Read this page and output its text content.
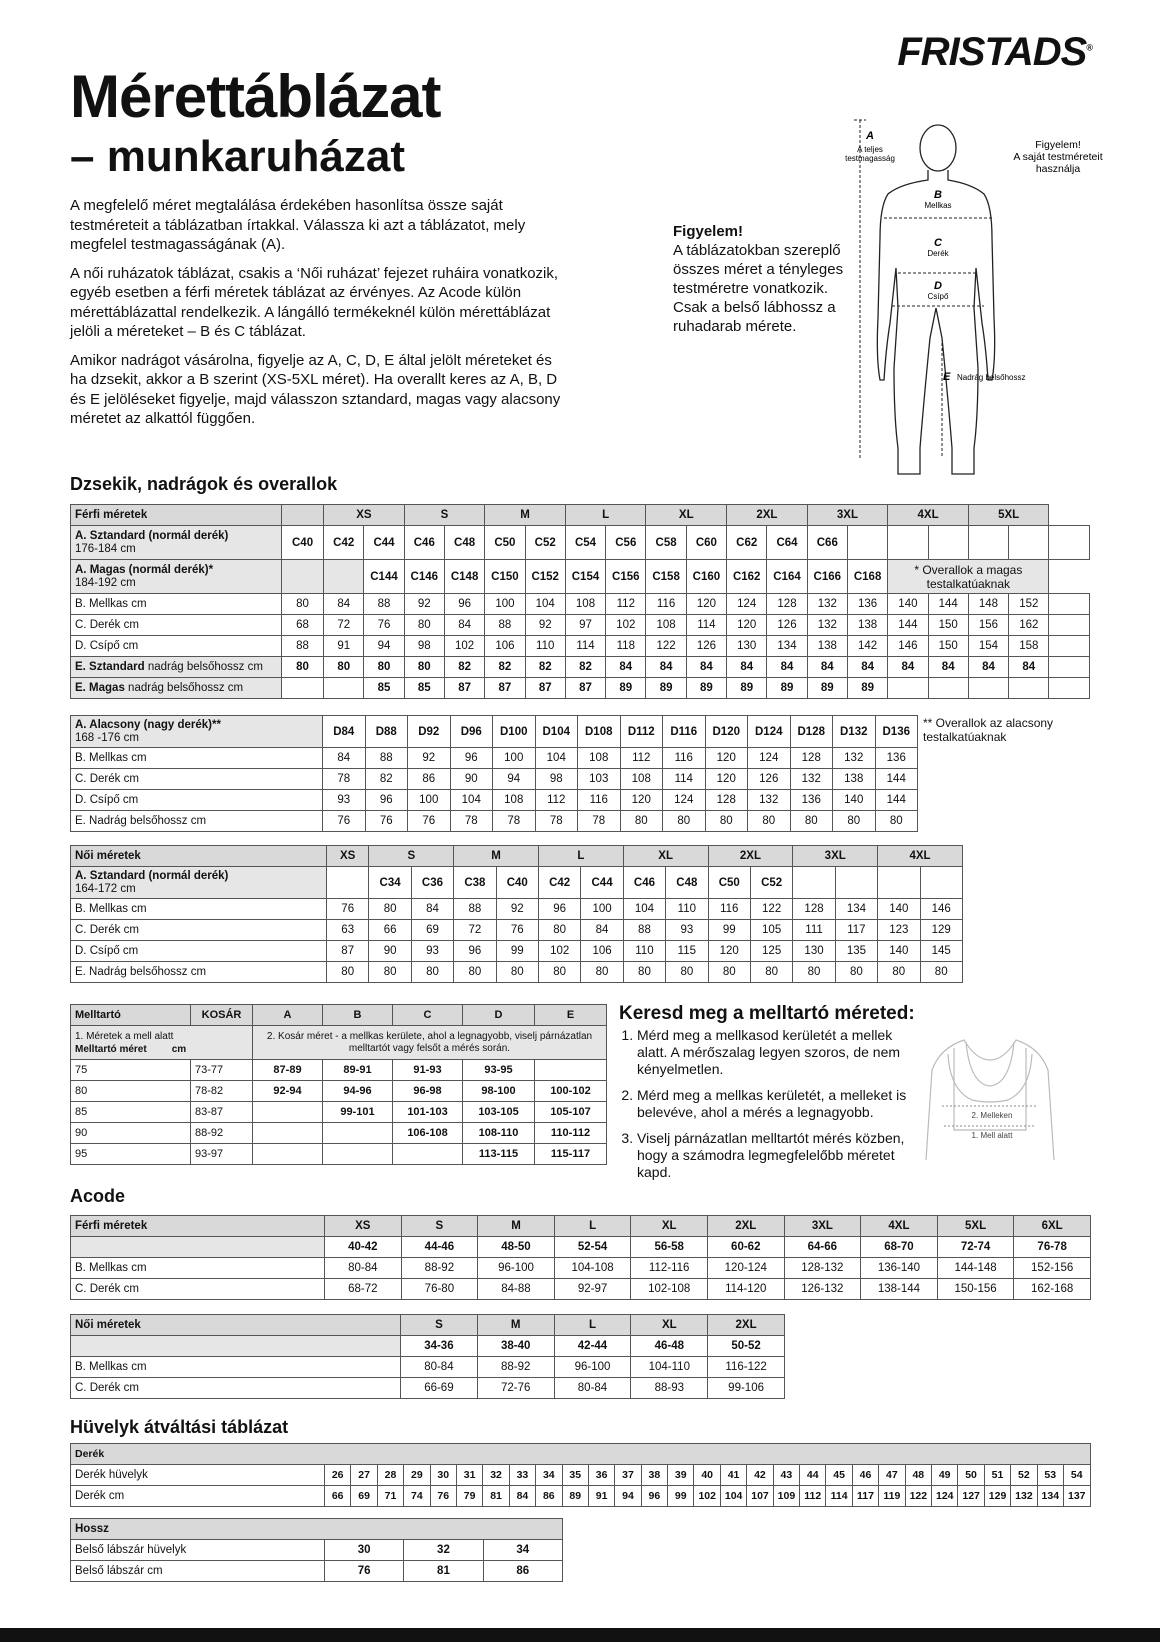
FRISTADS®
Mérettáblázat
– munkaruházat

A megfelelő méret megtalálása érdekében hasonlítsa össze saját testméreteit a táblázatban írtakkal. Válassza ki azt a táblázatot, mely megfelel testmagasságának (A).

A női ruházatok táblázat, csakis a ‘Női ruházat’ fejezet ruháira vonatkozik, egyéb esetben a férfi méretek táblázat az érvényes. Az Acode külön mérettáblázattal rendelkezik. A lángálló termékeknél külön mérettáblázat jelöli a méreteket – B és C táblázat.

Amikor nadrágot vásárolna, figyelje az A, C, D, E által jelölt méreteket és ha dzsekit, akkor a B szerint (XS-5XL méret). Ha overallt keres az A, B, D és E jelöléseket figyelje, majd válasszon sztandard, magas vagy alacsony méretet az alkattól függően.

Figyelem!
A táblázatokban szereplő összes méret a tényleges testméretre vonatkozik. Csak a belső lábhossz a ruhadarab mérete.
A
A teljes
testmagasság
B
Mellkas
C
Derék
D
Csípő
E Nadrág belsőhossz
Figyelem!
A saját testméreteit
használja
Dzsekik, nadrágok és overallok
Férfi méretek		XS		S		M		L		XL		2XL		3XL		4XL		5XL		
A. Sztandard (normál derék)
176-184 cm	C40	C42	C44	C46	C48	C50	C52	C54	C56	C58	C60	C62	C64	C66						
A. Magas (normál derék)*
184-192 cm			C144	C146	C148	C150	C152	C154	C156	C158	C160	C162	C164	C166	C168	* Overallok a magas testalkatúaknak				
B. Mellkas cm	80	84	88	92	96	100	104	108	112	116	120	124	128	132	136	140	144	148	152	
C. Derék cm	68	72	76	80	84	88	92	97	102	108	114	120	126	132	138	144	150	156	162	
D. Csípő cm	88	91	94	98	102	106	110	114	118	122	126	130	134	138	142	146	150	154	158	
E. Sztandard nadrág belsőhossz cm	80	80	80	80	82	82	82	82	84	84	84	84	84	84	84	84	84	84	84	
E. Magas nadrág belsőhossz cm			85	85	87	87	87	87	89	89	89	89	89	89	89					
A. Alacsony (nagy derék)**
168 -176 cm	D84	D88	D92	D96	D100	D104	D108	D112	D116	D120	D124	D128	D132	D136
B. Mellkas cm	84	88	92	96	100	104	108	112	116	120	124	128	132	136
C. Derék cm	78	82	86	90	94	98	103	108	114	120	126	132	138	144
D. Csípő cm	93	96	100	104	108	112	116	120	124	128	132	136	140	144
E. Nadrág belsőhossz cm	76	76	76	78	78	78	78	80	80	80	80	80	80	80
** Overallok az alacsony testalkatúaknak
Női méretek	XS	S		M		L		XL		2XL		3XL		4XL	
A. Sztandard (normál derék)
164-172 cm		C34	C36	C38	C40	C42	C44	C46	C48	C50	C52				
B. Mellkas cm	76	80	84	88	92	96	100	104	110	116	122	128	134	140	146
C. Derék cm	63	66	69	72	76	80	84	88	93	99	105	111	117	123	129
D. Csípő cm	87	90	93	96	99	102	106	110	115	120	125	130	135	140	145
E. Nadrág belsőhossz cm	80	80	80	80	80	80	80	80	80	80	80	80	80	80	80
Melltartó	KOSÁR	A	B	C	D	E
1. Méretek a mell alatt
Melltartó méret cm		2. Kosár méret - a mellkas kerülete, ahol a legnagyobb, viselj párnázatlan melltartót vagy felsőt a mérés során.				
75	73-77	87-89	89-91	91-93	93-95	
80	78-82	92-94	94-96	96-98	98-100	100-102
85	83-87		99-101	101-103	103-105	105-107
90	88-92			106-108	108-110	110-112
95	93-97				113-115	115-117
Keresd meg a melltartó méreted:
1. Mérd meg a mellkasod kerületét a mellek alatt. A mérőszalag legyen szoros, de nem kényelmetlen.
2. Mérd meg a mellkas kerületét, a melleket is belevéve, ahol a mérés a legnagyobb.
3. Viselj párnázatlan melltartót mérés közben, hogy a számodra legmegfelelőbb méretet kapd.
2. Melleken
1. Mell alatt
Acode
Férfi méretek	XS	S	M	L	XL	2XL	3XL	4XL	5XL	6XL
	40-42	44-46	48-50	52-54	56-58	60-62	64-66	68-70	72-74	76-78
B. Mellkas cm	80-84	88-92	96-100	104-108	112-116	120-124	128-132	136-140	144-148	152-156
C. Derék cm	68-72	76-80	84-88	92-97	102-108	114-120	126-132	138-144	150-156	162-168
Női méretek	S	M	L	XL	2XL
	34-36	38-40	42-44	46-48	50-52
B. Mellkas cm	80-84	88-92	96-100	104-110	116-122
C. Derék cm	66-69	72-76	80-84	88-93	99-106
Hüvelyk átváltási táblázat
Derék																													
Derék hüvelyk	26	27	28	29	30	31	32	33	34	35	36	37	38	39	40	41	42	43	44	45	46	47	48	49	50	51	52	53	54
Derék cm	66	69	71	74	76	79	81	84	86	89	91	94	96	99	102	104	107	109	112	114	117	119	122	124	127	129	132	134	137
Hossz			
Belső lábszár hüvelyk	30	32	34
Belső lábszár cm	76	81	86
